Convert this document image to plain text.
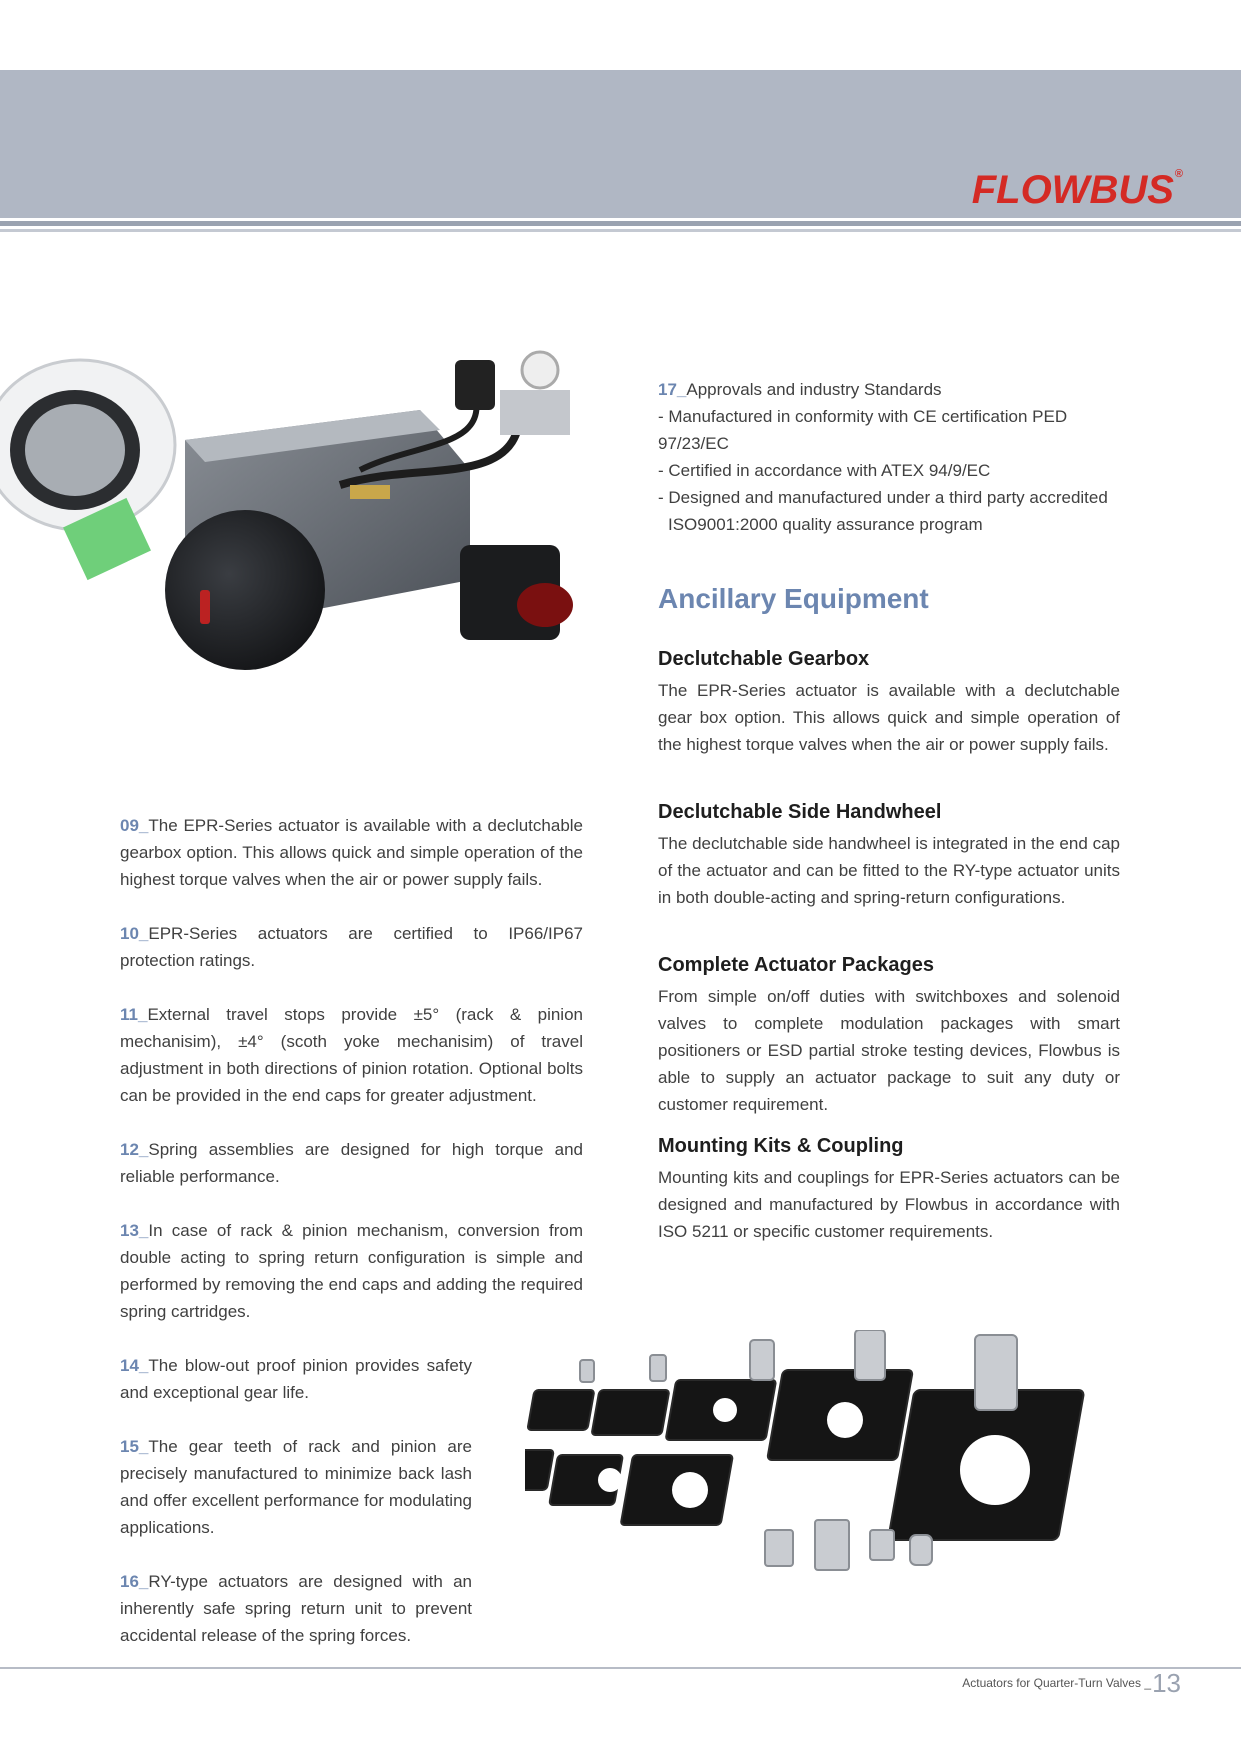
FLOWBUS®
09_The EPR-Series actuator is available with a declutchable gearbox option. This allows quick and simple operation of the highest torque valves when the air or power supply fails.
10_EPR-Series actuators are certified to IP66/IP67 protection ratings.
11_External travel stops provide ±5° (rack & pinion mechanisim), ±4° (scoth yoke mechanisim) of travel adjustment in both directions of pinion rotation. Optional bolts can be provided in the end caps for greater adjustment.
12_Spring assemblies are designed for high torque and reliable performance.
13_In case of rack & pinion mechanism, conversion from double acting to spring return configuration is simple and performed by removing the end caps and adding the required spring cartridges.
14_The blow-out proof pinion provides safety and exceptional gear life.
15_The gear teeth of rack and pinion are precisely manufactured to minimize back lash and offer excellent performance for modulating applications.
16_RY-type actuators are designed with an inherently safe spring return unit to prevent accidental release of the spring forces.

17_Approvals and industry Standards

- Manufactured in conformity with CE certification PED 97/23/EC

- Certified in accordance with ATEX 94/9/EC

- Designed and manufactured under a third party accredited

ISO9001:2000 quality assurance program

Ancillary Equipment
Declutchable Gearbox

The EPR-Series actuator is available with a declutchable gear box option. This allows quick and simple operation of the highest torque valves when the air or power supply fails.

Declutchable Side Handwheel

The declutchable side handwheel is integrated in the end cap of the actuator and can be fitted to the RY-type actuator units in both double-acting and spring-return configurations.

Complete Actuator Packages

From simple on/off duties with switchboxes and solenoid valves to complete modulation packages with smart positioners or ESD partial stroke testing devices, Flowbus is able to supply an actuator package to suit any duty or customer requirement.

Mounting Kits & Coupling

Mounting kits and couplings for EPR-Series actuators can be designed and manufactured by Flowbus in accordance with ISO 5211 or specific customer requirements.

Actuators for Quarter-Turn Valves _ 13
